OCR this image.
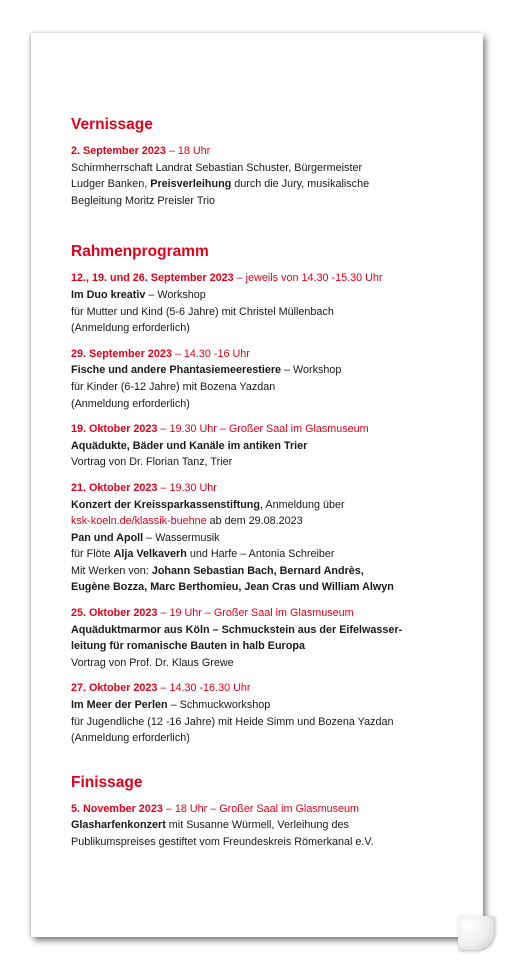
Vernissage
2. September 2023 – 18 Uhr
Schirmherrschaft Landrat Sebastian Schuster, Bürgermeister
Ludger Banken, Preisverleihung durch die Jury, musikalische
Begleitung Moritz Preisler Trio
Rahmenprogramm
12., 19. und 26. September 2023 – jeweils von 14.30 -15.30 Uhr
Im Duo kreativ – Workshop
für Mutter und Kind (5-6 Jahre) mit Christel Müllenbach
(Anmeldung erforderlich)
29. September 2023 – 14.30 -16 Uhr
Fische und andere Phantasiemeerestiere – Workshop
für Kinder (6-12 Jahre) mit Bozena Yazdan
(Anmeldung erforderlich)
19. Oktober 2023 – 19.30 Uhr – Großer Saal im Glasmuseum
Aquädukte, Bäder und Kanäle im antiken Trier
Vortrag von Dr. Florian Tanz, Trier
21. Oktober 2023 – 19.30 Uhr
Konzert der Kreissparkassenstiftung, Anmeldung über
ksk-koeln.de/klassik-buehne ab dem 29.08.2023
Pan und Apoll – Wassermusik
für Flöte Alja Velkaverh und Harfe – Antonia Schreiber
Mit Werken von: Johann Sebastian Bach, Bernard Andrès,
Eugène Bozza, Marc Berthomieu, Jean Cras und William Alwyn
25. Oktober 2023 – 19 Uhr – Großer Saal im Glasmuseum
Aquäduktmarmor aus Köln – Schmuckstein aus der Eifelwasser-
leitung für romanische Bauten in halb Europa
Vortrag von Prof. Dr. Klaus Grewe
27. Oktober 2023 – 14.30 -16.30 Uhr
Im Meer der Perlen – Schmuckworkshop
für Jugendliche (12 -16 Jahre) mit Heide Simm und Bozena Yazdan
(Anmeldung erforderlich)
Finissage
5. November 2023 – 18 Uhr – Großer Saal im Glasmuseum
Glasharfenkonzert mit Susanne Würmell, Verleihung des
Publikumspreises gestiftet vom Freundeskreis Römerkanal e.V.
